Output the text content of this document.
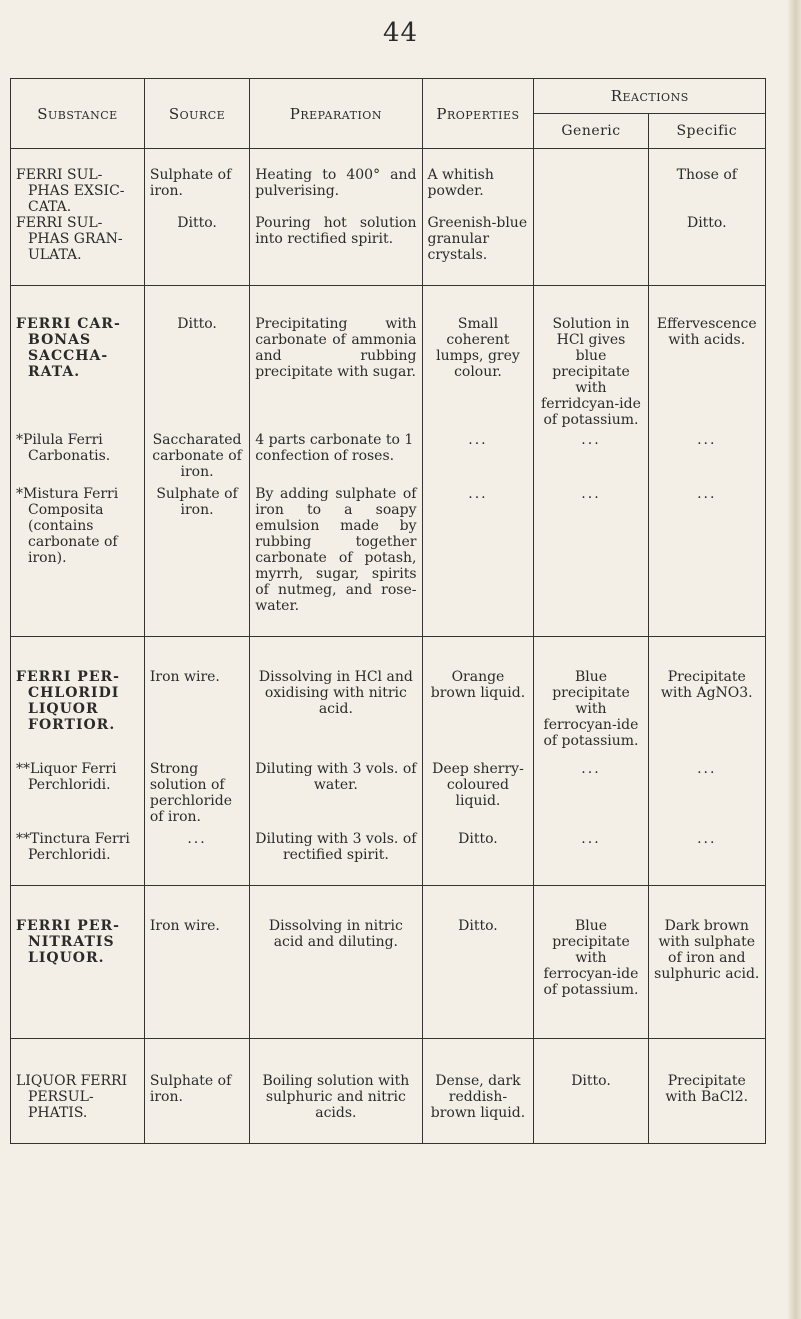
44
Substance	Source	Preparation	Properties	Reactions	
				Generic	Specific

FERRI SUL-PHAS EXSIC-CATA.	Sulphate of iron.	Heating to 400° and pulverising.	A whitish powder.		Those of

FERRI SUL-PHAS GRAN-ULATA.	Ditto.	Pouring hot solution into rectified spirit.	Greenish-blue granular crystals.		Ditto.

FERRI CAR-BONAS SACCHA-RATA.	Ditto.	Precipitating with carbonate of ammonia and rubbing precipitate with sugar.	Small coherent lumps, grey colour.	Solution in HCl gives blue precipitate with ferridcyan-ide of potassium.	Effervescence with acids.

*Pilula Ferri Carbonatis.	Saccharated carbonate of iron.	4 parts carbonate to 1 confection of roses.	...	...	...

*Mistura Ferri Composita (contains carbonate of iron).	Sulphate of iron.	By adding sulphate of iron to a soapy emulsion made by rubbing together carbonate of potash, myrrh, sugar, spirits of nutmeg, and rose-water.	...	...	...

FERRI PER-CHLORIDI LIQUOR FORTIOR.	Iron wire.	Dissolving in HCl and oxidising with nitric acid.	Orange brown liquid.	Blue precipitate with ferrocyan-ide of potassium.	Precipitate with AgNO3.

**Liquor Ferri Perchloridi.	Strong solution of perchloride of iron.	Diluting with 3 vols. of water.	Deep sherry-coloured liquid.	...	...

**Tinctura Ferri Perchloridi.	...	Diluting with 3 vols. of rectified spirit.	Ditto.	...	...

FERRI PER-NITRATIS LIQUOR.	Iron wire.	Dissolving in nitric acid and diluting.	Ditto.	Blue precipitate with ferrocyan-ide of potassium.	Dark brown with sulphate of iron and sulphuric acid.

LIQUOR FERRI PERSUL-PHATIS.	Sulphate of iron.	Boiling solution with sulphuric and nitric acids.	Dense, dark reddish-brown liquid.	Ditto.	Precipitate with BaCl2.
